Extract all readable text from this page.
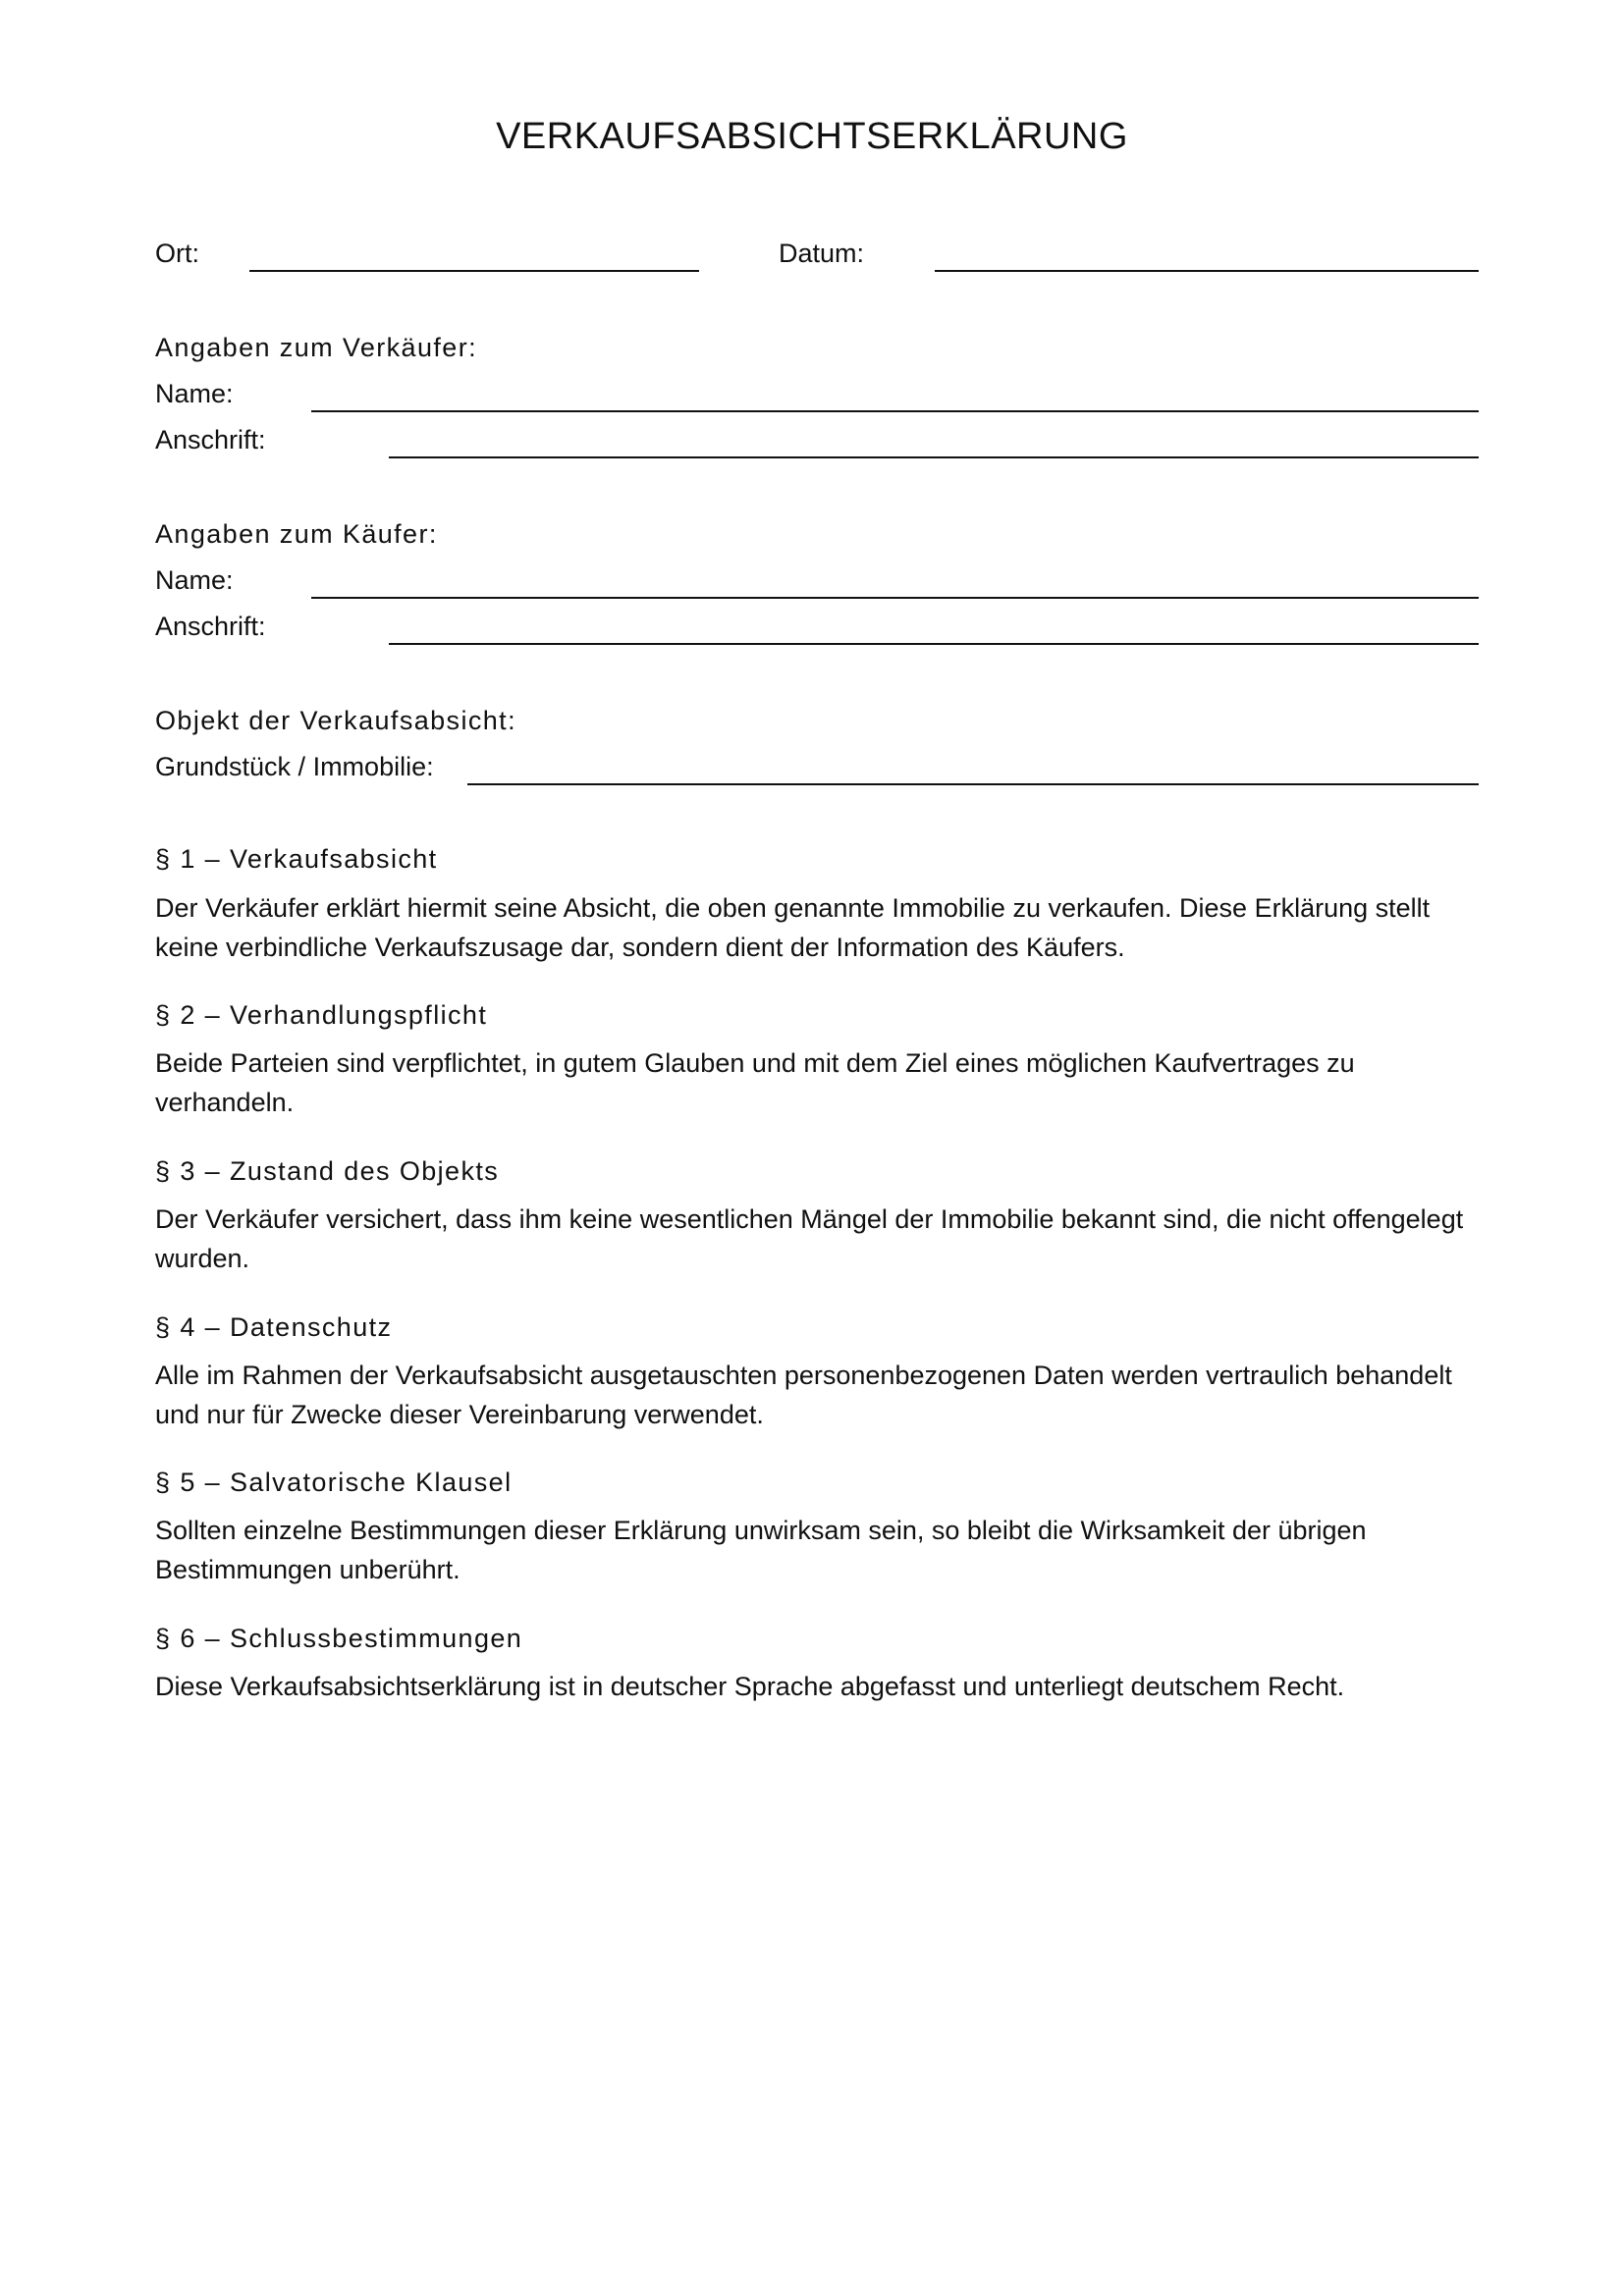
VERKAUFSABSICHTSERKLÄRUNG
Ort:	Datum:
Angaben zum Verkäufer:
Name:
Anschrift:
Angaben zum Käufer:
Name:
Anschrift:
Objekt der Verkaufsabsicht:
Grundstück / Immobilie:
§ 1 – Verkaufsabsicht
Der Verkäufer erklärt hiermit seine Absicht, die oben genannte Immobilie zu verkaufen. Diese Erklärung stellt keine verbindliche Verkaufszusage dar, sondern dient der Information des Käufers.
§ 2 – Verhandlungspflicht
Beide Parteien sind verpflichtet, in gutem Glauben und mit dem Ziel eines möglichen Kaufvertrages zu verhandeln.
§ 3 – Zustand des Objekts
Der Verkäufer versichert, dass ihm keine wesentlichen Mängel der Immobilie bekannt sind, die nicht offengelegt wurden.
§ 4 – Datenschutz
Alle im Rahmen der Verkaufsabsicht ausgetauschten personenbezogenen Daten werden vertraulich behandelt und nur für Zwecke dieser Vereinbarung verwendet.
§ 5 – Salvatorische Klausel
Sollten einzelne Bestimmungen dieser Erklärung unwirksam sein, so bleibt die Wirksamkeit der übrigen Bestimmungen unberührt.
§ 6 – Schlussbestimmungen
Diese Verkaufsabsichtserklärung ist in deutscher Sprache abgefasst und unterliegt deutschem Recht.
